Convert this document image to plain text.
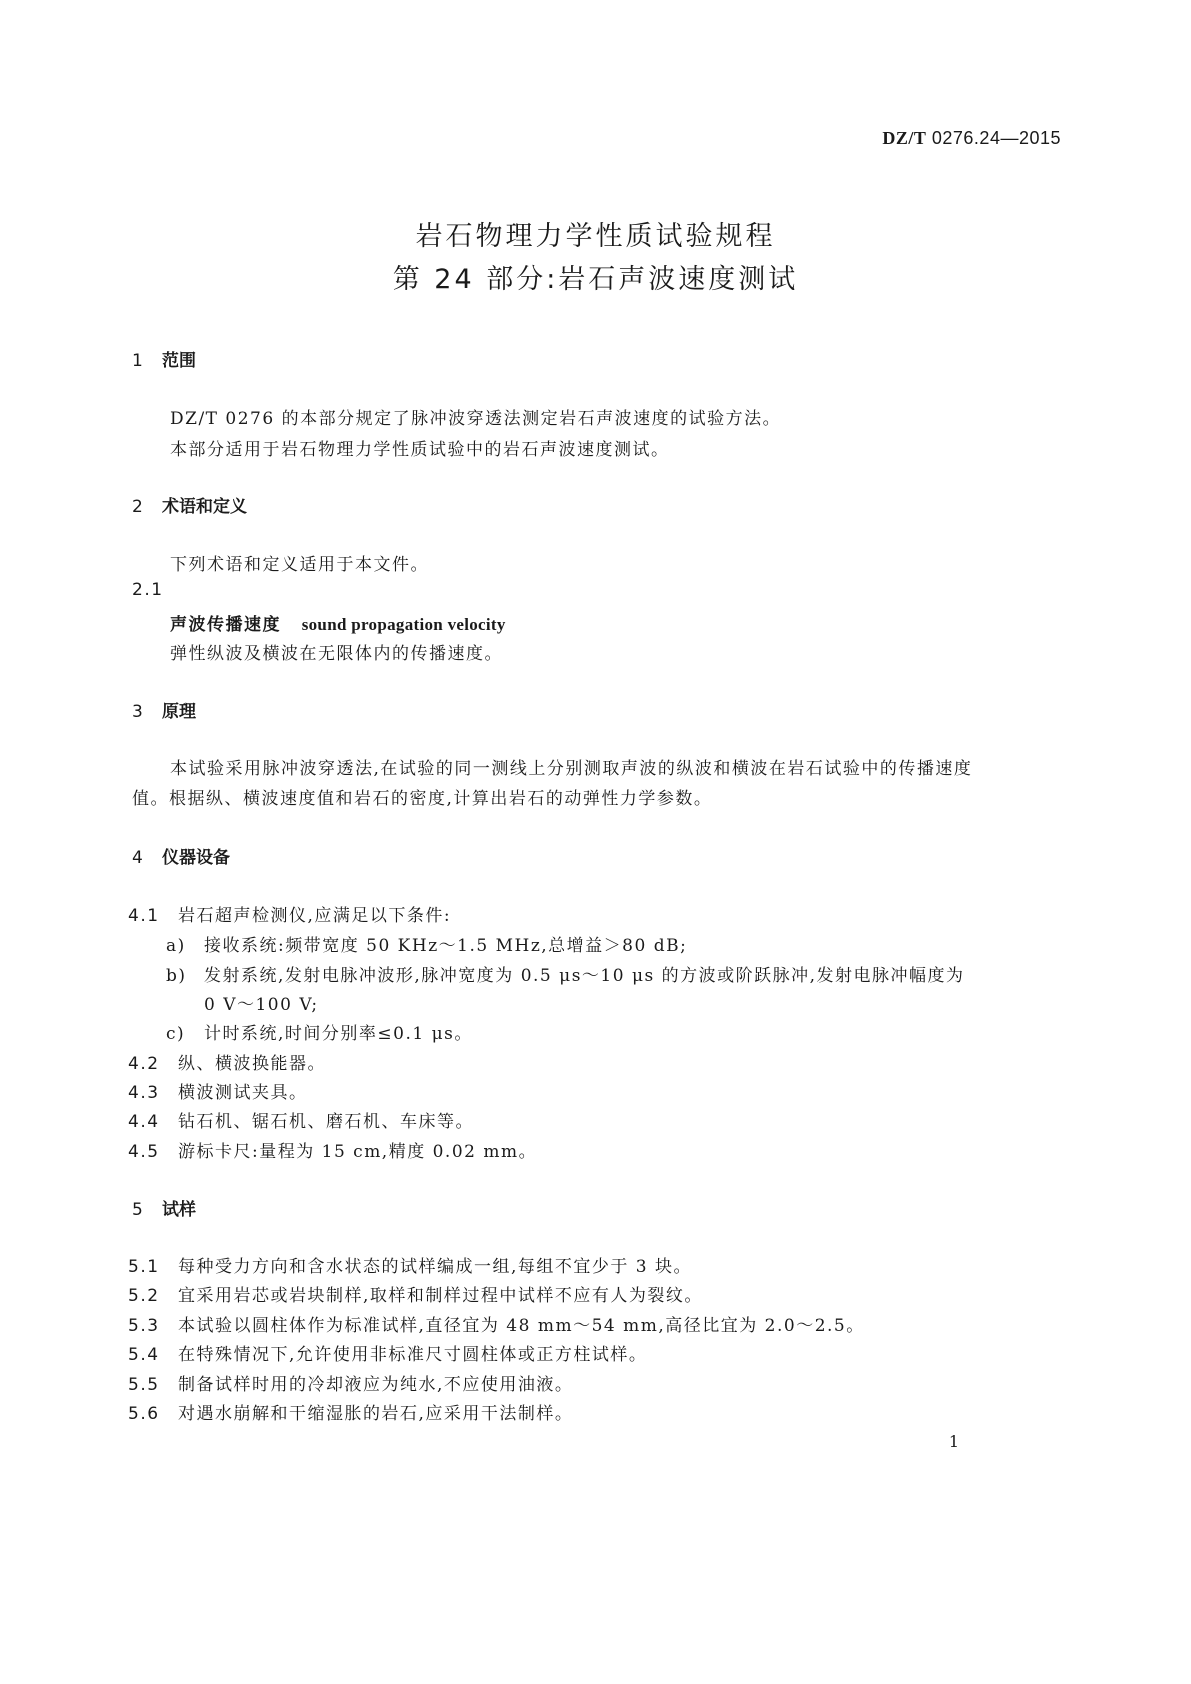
DZ/T 0276.24—2015
岩石物理力学性质试验规程
第 24 部分:岩石声波速度测试
1 范围
DZ/T 0276 的本部分规定了脉冲波穿透法测定岩石声波速度的试验方法。
本部分适用于岩石物理力学性质试验中的岩石声波速度测试。
2 术语和定义
下列术语和定义适用于本文件。
2.1
声波传播速度 sound propagation velocity
弹性纵波及横波在无限体内的传播速度。
3 原理
本试验采用脉冲波穿透法,在试验的同一测线上分别测取声波的纵波和横波在岩石试验中的传播速度值。根据纵、横波速度值和岩石的密度,计算出岩石的动弹性力学参数。
4 仪器设备
4.1 岩石超声检测仪,应满足以下条件:
a) 接收系统:频带宽度 50 KHz～1.5 MHz,总增益＞80 dB;
b) 发射系统,发射电脉冲波形,脉冲宽度为 0.5 μs～10 μs 的方波或阶跃脉冲,发射电脉冲幅度为
0 V～100 V;
c) 计时系统,时间分别率≤0.1 μs。
4.2 纵、横波换能器。
4.3 横波测试夹具。
4.4 钻石机、锯石机、磨石机、车床等。
4.5 游标卡尺:量程为 15 cm,精度 0.02 mm。
5 试样
5.1 每种受力方向和含水状态的试样编成一组,每组不宜少于 3 块。
5.2 宜采用岩芯或岩块制样,取样和制样过程中试样不应有人为裂纹。
5.3 本试验以圆柱体作为标准试样,直径宜为 48 mm～54 mm,高径比宜为 2.0～2.5。
5.4 在特殊情况下,允许使用非标准尺寸圆柱体或正方柱试样。
5.5 制备试样时用的冷却液应为纯水,不应使用油液。
5.6 对遇水崩解和干缩湿胀的岩石,应采用干法制样。
1
